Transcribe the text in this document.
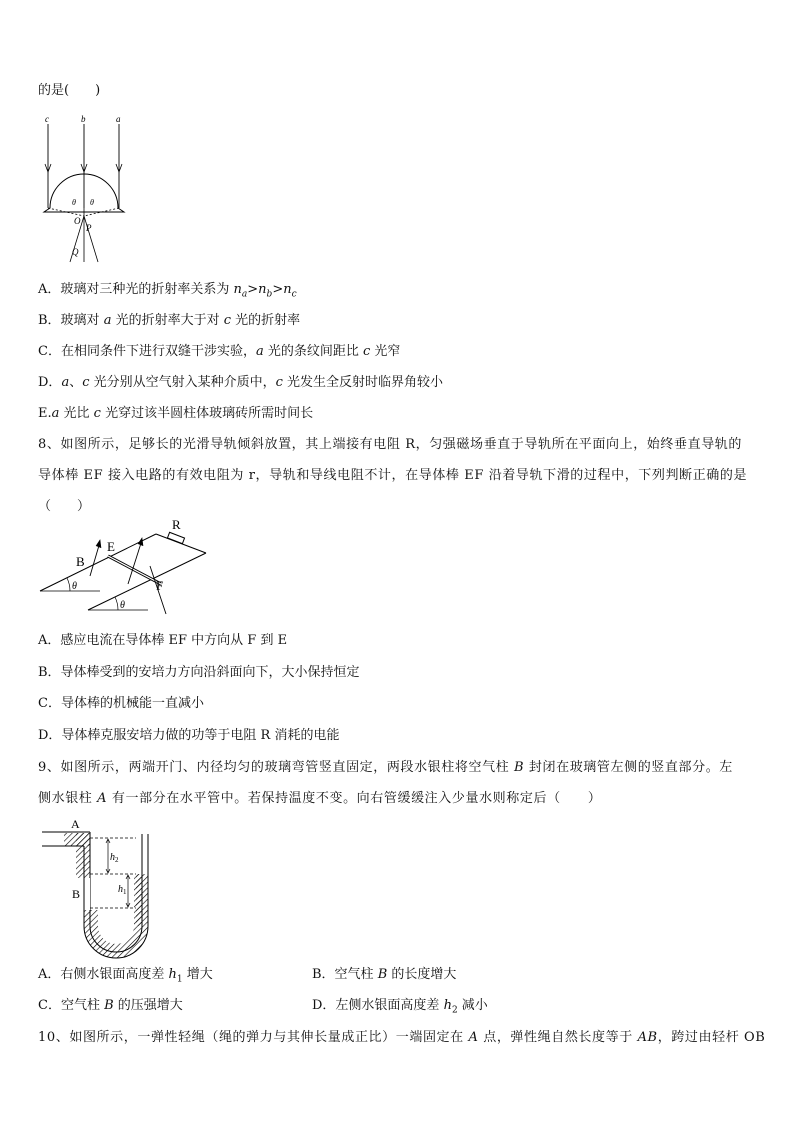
的是(　　)
c	b	a
θ θ
O
P
Q
A．玻璃对三种光的折射率关系为 $n_a>n_b>n_c$
B．玻璃对 a 光的折射率大于对 c 光的折射率
C．在相同条件下进行双缝干涉实验，a 光的条纹间距比 c 光窄
D．a、c 光分别从空气射入某种介质中，c 光发生全反射时临界角较小
E.a 光比 c 光穿过该半圆柱体玻璃砖所需时间长
8、如图所示，足够长的光滑导轨倾斜放置，其上端接有电阻 R，匀强磁场垂直于导轨所在平面向上，始终垂直导轨的
导体棒 EF 接入电路的有效电阻为 r，导轨和导线电阻不计，在导体棒 EF 沿着导轨下滑的过程中，下列判断正确的是
（　　）
B
E
R
F
θ
θ
A．感应电流在导体棒 EF 中方向从 F 到 E
B．导体棒受到的安培力方向沿斜面向下，大小保持恒定
C．导体棒的机械能一直减小
D．导体棒克服安培力做的功等于电阻 R 消耗的电能
9、如图所示，两端开门、内径均匀的玻璃弯管竖直固定，两段水银柱将空气柱 B 封闭在玻璃管左侧的竖直部分。左
侧水银柱 A 有一部分在水平管中。若保持温度不变。向右管缓缓注入少量水则称定后（　　）
A
B
$h_2$
$h_1$
A．右侧水银面高度差 $h_1$ 增大	B．空气柱 B 的长度增大
C．空气柱 B 的压强增大	D．左侧水银面高度差 $h_2$ 减小
10、如图所示，一弹性轻绳（绳的弹力与其伸长量成正比）一端固定在 A 点，弹性绳自然长度等于 AB，跨过由轻杆 OB
